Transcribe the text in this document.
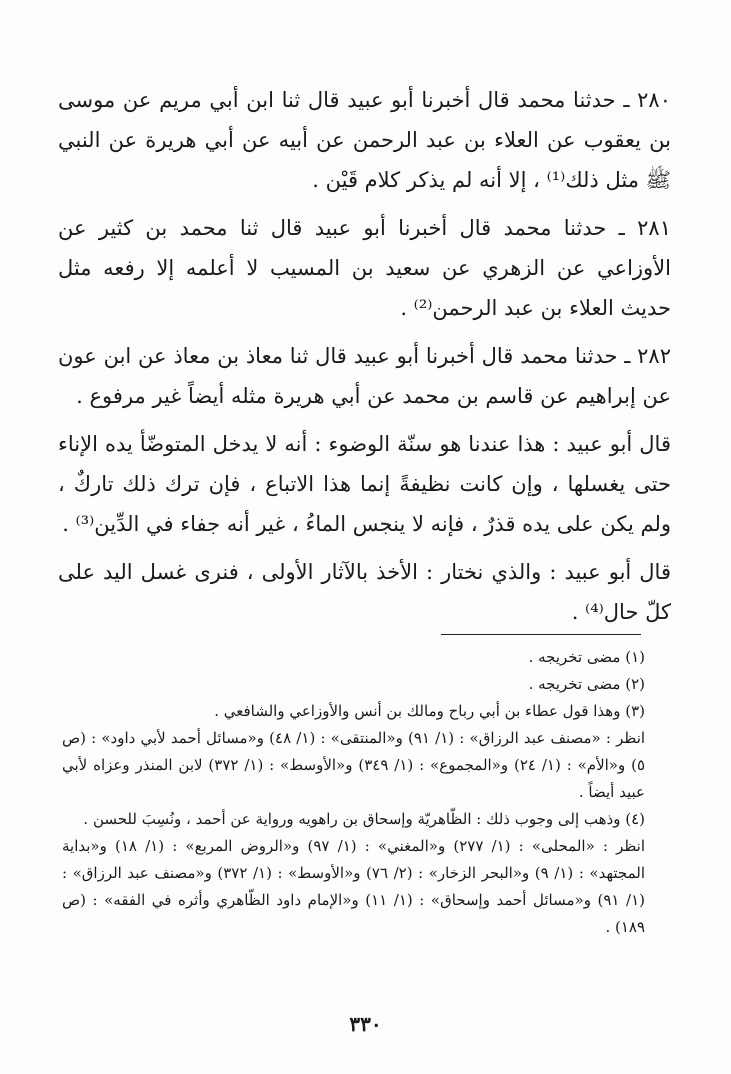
٢٨٠ ـ حدثنا محمد قال أخبرنا أبو عبيد قال ثنا ابن أبي مريم عن موسى بن يعقوب عن العلاء بن عبد الرحمن عن أبيه عن أبي هريرة عن النبي ﷺ مثل ذلك⁽¹⁾ ، إلا أنه لم يذكر كلام قَيْن .

٢٨١ ـ حدثنا محمد قال أخبرنا أبو عبيد قال ثنا محمد بن كثير عن الأوزاعي عن الزهري عن سعيد بن المسيب لا أعلمه إلا رفعه مثل حديث العلاء بن عبد الرحمن⁽²⁾ .

٢٨٢ ـ حدثنا محمد قال أخبرنا أبو عبيد قال ثنا معاذ بن معاذ عن ابن عون عن إبراهيم عن قاسم بن محمد عن أبي هريرة مثله أيضاً غير مرفوع .

قال أبو عبيد : هذا عندنا هو سنّة الوضوء : أنه لا يدخل المتوضّأ يده الإناء حتى يغسلها ، وإن كانت نظيفةً إنما هذا الاتباع ، فإن ترك ذلك تاركٌ ، ولم يكن على يده قذرٌ ، فإنه لا ينجس الماءُ ، غير أنه جفاء في الدِّين⁽³⁾ .

قال أبو عبيد : والذي نختار : الأخذ بالآثار الأولى ، فنرى غسل اليد على كلّ حال⁽⁴⁾ .

(١) مضى تخريجه .

(٢) مضى تخريجه .

(٣) وهذا قول عطاء بن أبي رباح ومالك بن أنس والأوزاعي والشافعي .

انظر : «مصنف عبد الرزاق» : (١/ ٩١) و«المنتقى» : (١/ ٤٨) و«مسائل أحمد لأبي داود» : (ص ٥) و«الأم» : (١/ ٢٤) و«المجموع» : (١/ ٣٤٩) و«الأوسط» : (١/ ٣٧٢) لابن المنذر وعزاه لأبي عبيد أيضاً .

(٤) وذهب إلى وجوب ذلك : الظّاهريّة وإسحاق بن راهويه ورواية عن أحمد ، ونُسِبَ للحسن .

انظر : «المحلى» : (١/ ٢٧٧) و«المغني» : (١/ ٩٧) و«الروض المربع» : (١/ ١٨) و«بداية المجتهد» : (١/ ٩) و«البحر الزخار» : (٢/ ٧٦) و«الأوسط» : (١/ ٣٧٢) و«مصنف عبد الرزاق» : (١/ ٩١) و«مسائل أحمد وإسحاق» : (١/ ١١) و«الإمام داود الظّاهري وأثره في الفقه» : (ص ١٨٩) .

٣٣٠
